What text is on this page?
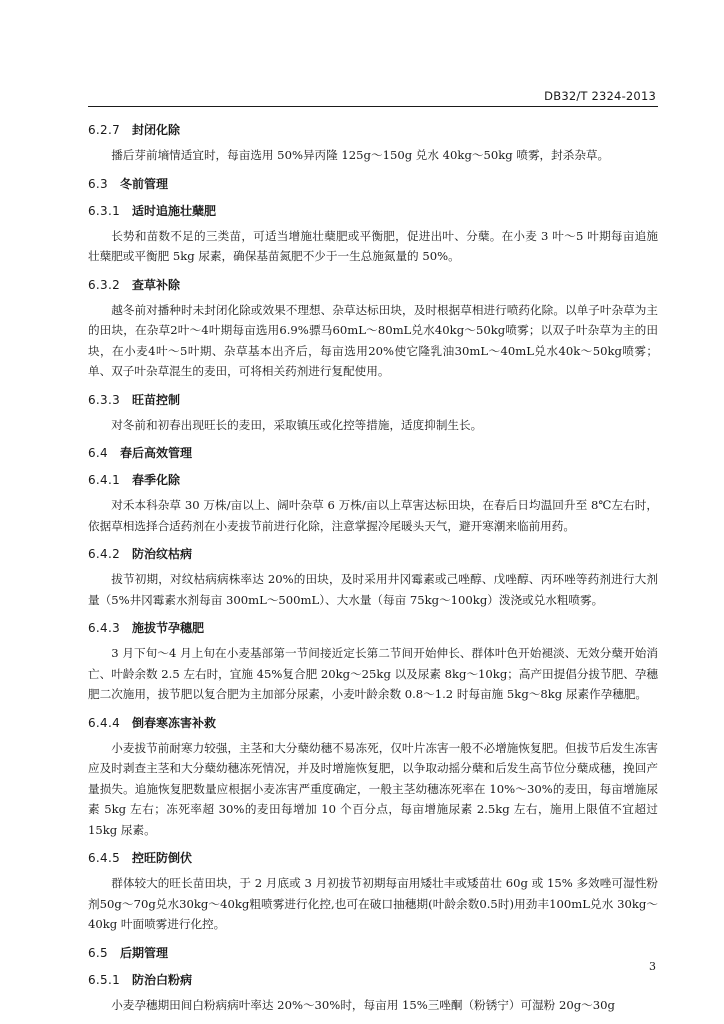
DB32/T 2324-2013
6.2.7 封闭化除

播后芽前墒情适宜时，每亩选用 50%异丙隆 125g～150g 兑水 40kg～50kg 喷雾，封杀杂草。

6.3	冬前管理
6.3.1 适时追施壮蘖肥

长势和苗数不足的三类苗，可适当增施壮蘖肥或平衡肥，促进出叶、分蘖。在小麦 3 叶～5 叶期每亩追施壮蘖肥或平衡肥 5kg 尿素，确保基苗氮肥不少于一生总施氮量的 50%。

6.3.2 查草补除

越冬前对播种时未封闭化除或效果不理想、杂草达标田块，及时根据草相进行喷药化除。以单子叶杂草为主的田块，在杂草2叶～4叶期每亩选用6.9%骠马60mL～80mL兑水40kg～50kg喷雾；以双子叶杂草为主的田块，在小麦4叶～5叶期、杂草基本出齐后，每亩选用20%使它隆乳油30mL～40mL兑水40k～50kg喷雾；单、双子叶杂草混生的麦田，可将相关药剂进行复配使用。

6.3.3 旺苗控制

对冬前和初春出现旺长的麦田，采取镇压或化控等措施，适度抑制生长。

6.4	春后高效管理
6.4.1 春季化除

对禾本科杂草 30 万株/亩以上、阔叶杂草 6 万株/亩以上草害达标田块，在春后日均温回升至 8℃左右时，依据草相选择合适药剂在小麦拔节前进行化除，注意掌握冷尾暖头天气，避开寒潮来临前用药。

6.4.2 防治纹枯病

拔节初期，对纹枯病病株率达 20%的田块，及时采用井冈霉素或己唑醇、戊唑醇、丙环唑等药剂进行大剂量（5%井冈霉素水剂每亩 300mL～500mL）、大水量（每亩 75kg～100kg）泼浇或兑水粗喷雾。

6.4.3 施拔节孕穗肥

3 月下旬～4 月上旬在小麦基部第一节间接近定长第二节间开始伸长、群体叶色开始褪淡、无效分蘖开始消亡、叶龄余数 2.5 左右时，宜施 45%复合肥 20kg～25kg 以及尿素 8kg～10kg；高产田提倡分拔节肥、孕穗肥二次施用，拔节肥以复合肥为主加部分尿素，小麦叶龄余数 0.8～1.2 时每亩施 5kg～8kg 尿素作孕穗肥。

6.4.4 倒春寒冻害补救

小麦拔节前耐寒力较强，主茎和大分蘖幼穗不易冻死，仅叶片冻害一般不必增施恢复肥。但拔节后发生冻害应及时剥查主茎和大分蘖幼穗冻死情况，并及时增施恢复肥，以争取动摇分蘖和后发生高节位分蘖成穗，挽回产量损失。追施恢复肥数量应根据小麦冻害严重度确定，一般主茎幼穗冻死率在 10%～30%的麦田，每亩增施尿素 5kg 左右；冻死率超 30%的麦田每增加 10 个百分点，每亩增施尿素 2.5kg 左右，施用上限值不宜超过 15kg 尿素。

6.4.5 控旺防倒伏

群体较大的旺长苗田块，于 2 月底或 3 月初拔节初期每亩用矮壮丰或矮苗壮 60g 或 15% 多效唑可湿性粉剂50g～70g兑水30kg～40kg粗喷雾进行化控,也可在破口抽穗期(叶龄余数0.5时)用劲丰100mL兑水 30kg～40kg 叶面喷雾进行化控。

6.5	后期管理
6.5.1 防治白粉病

小麦孕穗期田间白粉病病叶率达 20%～30%时，每亩用 15%三唑酮（粉锈宁）可湿粉 20g～30g

3
